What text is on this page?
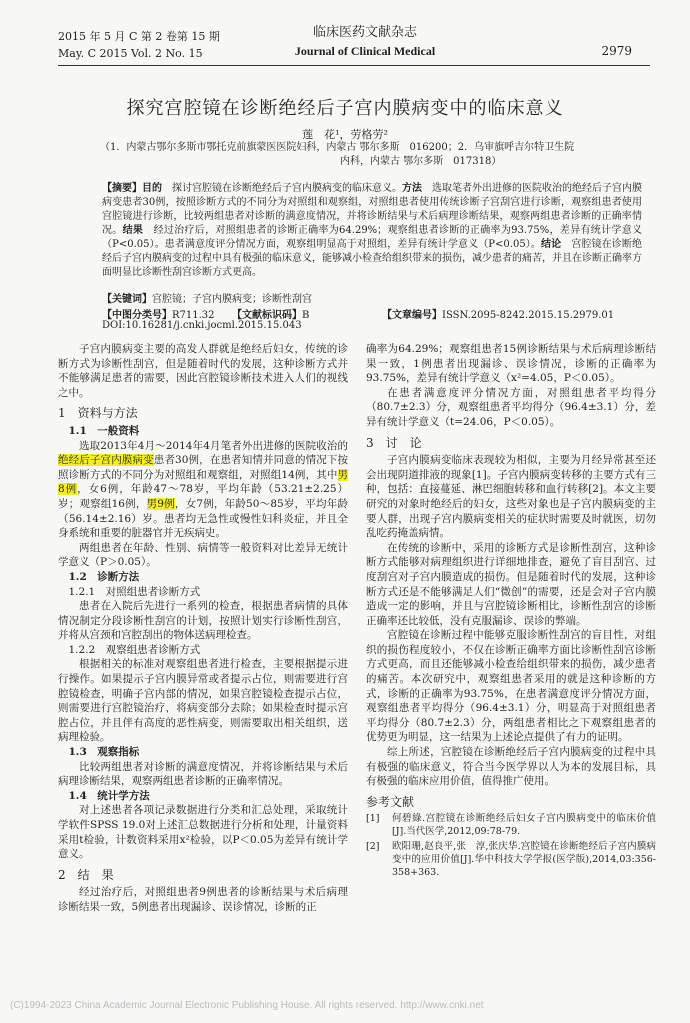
2015 年 5 月 C 第 2 卷第 15 期
May. C 2015 Vol. 2 No. 15
临床医药文献杂志
Journal of Clinical Medical	2979
探究宫腔镜在诊断绝经后子宫内膜病变中的临床意义
莲　花¹，劳格劳²
（1．内蒙古鄂尔多斯市鄂托克前旗蒙医医院妇科，内蒙古 鄂尔多斯　016200；2．乌审旗呼吉尔特卫生院
内科，内蒙古 鄂尔多斯　017318）
【摘要】目的　 探讨宫腔镜在诊断绝经后子宫内膜病变的临床意义。方法　 选取笔者外出进修的医院收治的绝经后子宫内膜病变患者30例，按照诊断方式的不同分为对照组和观察组，对照组患者使用传统诊断子宫刮宫进行诊断，观察组患者使用宫腔镜进行诊断，比较两组患者对诊断的满意度情况，并将诊断结果与术后病理诊断结果，观察两组患者诊断的正确率情况。结果　 经过治疗后，对照组患者的诊断正确率为64.29%；观察组患者诊断的正确率为93.75%，差异有统计学意义（P<0.05）。患者满意度评分情况方面，观察组明显高于对照组，差异有统计学意义（P<0.05）。结论　 宫腔镜在诊断绝经后子宫内膜病变的过程中具有极强的临床意义，能够减小检查给组织带来的损伤，减少患者的痛苦，并且在诊断正确率方面明显比诊断性刮宫诊断方式更高。
【关键词】宫腔镜；子宫内膜病变；诊断性刮宫
【中图分类号】R711.32	【文献标识码】B	【文章编号】ISSN.2095-8242.2015.15.2979.01
DOI:10.16281/j.cnki.jocml.2015.15.043

子宫内膜病变主要的高发人群就是绝经后妇女，传统的诊断方式为诊断性刮宫，但是随着时代的发展，这种诊断方式并不能够满足患者的需要，因此宫腔镜诊断技术进入人们的视线之中。

1　资料与方法

1.1　一般资料

选取2013年4月～2014年4月笔者外出进修的医院收治的绝经后子宫内膜病变患者30例，在患者知情并同意的情况下按照诊断方式的不同分为对照组和观察组，对照组14例，其中男8例，女6例，年龄47～78岁，平均年龄（53.21±2.25）岁；观察组16例，男9例，女7例，年龄50～85岁，平均年龄（56.14±2.16）岁。患者均无急性或慢性妇科炎症，并且全身系统和重要的脏器官并无疾病史。

两组患者在年龄、性别、病情等一般资料对比差异无统计学意义（P＞0.05）。

1.2　诊断方法

1.2.1　对照组患者诊断方式

患者在入院后先进行一系列的检查，根据患者病情的具体情况制定分段诊断性刮宫的计划，按照计划实行诊断性刮宫，并将从宫颈和宫腔刮出的物体送病理检查。

1.2.2　观察组患者诊断方式

根据相关的标准对观察组患者进行检查，主要根据提示进行操作。如果提示子宫内膜异常或者提示占位，则需要进行宫腔镜检查，明确子宫内部的情况，如果宫腔镜检查提示占位，则需要进行宫腔镜治疗，将病变部分去除；如果检查时提示宫腔占位，并且伴有高度的恶性病变，则需要取出相关组织，送病理检验。

1.3　观察指标

比较两组患者对诊断的满意度情况，并将诊断结果与术后病理诊断结果，观察两组患者诊断的正确率情况。

1.4　统计学方法

对上述患者各项记录数据进行分类和汇总处理，采取统计学软件SPSS 19.0对上述汇总数据进行分析和处理，计量资料采用t检验，计数资料采用x²检验，以P＜0.05为差异有统计学意义。

2　结　果

经过治疗后，对照组患者9例患者的诊断结果与术后病理诊断结果一致，5例患者出现漏诊、误诊情况，诊断的正

确率为64.29%；观察组患者15例诊断结果与术后病理诊断结果一致，1例患者出现漏诊、误诊情况，诊断的正确率为93.75%，差异有统计学意义（x²=4.05，P＜0.05）。

在患者满意度评分情况方面，对照组患者平均得分（80.7±2.3）分，观察组患者平均得分（96.4±3.1）分，差异有统计学意义（t=24.06，P＜0.05）。

3　讨　论

子宫内膜病变临床表现较为相似，主要为月经异常甚至还会出现阴道排液的现象[1]。子宫内膜病变转移的主要方式有三种，包括：直接蔓延、淋巴细胞转移和血行转移[2]。本文主要研究的对象时绝经后的妇女，这些对象也是子宫内膜病变的主要人群，出现子宫内膜病变相关的症状时需要及时就医，切勿乱吃药掩盖病情。

在传统的诊断中，采用的诊断方式是诊断性刮宫，这种诊断方式能够对病理组织进行详细地排查，避免了盲目刮宫、过度刮宫对子宫内膜造成的损伤。但是随着时代的发展，这种诊断方式还是不能够满足人们“微创”的需要，还是会对子宫内膜造成一定的影响，并且与宫腔镜诊断相比，诊断性刮宫的诊断正确率还比较低，没有克服漏诊、误诊的弊端。

宫腔镜在诊断过程中能够克服诊断性刮宫的盲目性，对组织的损伤程度较小，不仅在诊断正确率方面比诊断性刮宫诊断方式更高，而且还能够减小检查给组织带来的损伤，减少患者的痛苦。本次研究中，观察组患者采用的就是这种诊断的方式，诊断的正确率为93.75%，在患者满意度评分情况方面，观察组患者平均得分（96.4±3.1）分，明显高于对照组患者平均得分（80.7±2.3）分，两组患者相比之下观察组患者的优势更为明显，这一结果为上述论点提供了有力的证明。

综上所述，宫腔镜在诊断绝经后子宫内膜病变的过程中具有极强的临床意义，符合当今医学界以人为本的发展目标，具有极强的临床应用价值，值得推广使用。

参考文献

[1] 何碧綠.宫腔镜在诊断绝经后妇女子宫内膜病变中的临床价值[J].当代医学,2012,09:78-79.

[2] 欧阳珊,赵良平,张　淳,张庆华.宫腔镜在诊断绝经后子宫内膜病变中的应用价值[J].华中科技大学学报(医学版),2014,03:356-358+363.

(C)1994-2023 China Academic Journal Electronic Publishing House. All rights reserved. http://www.cnki.net
